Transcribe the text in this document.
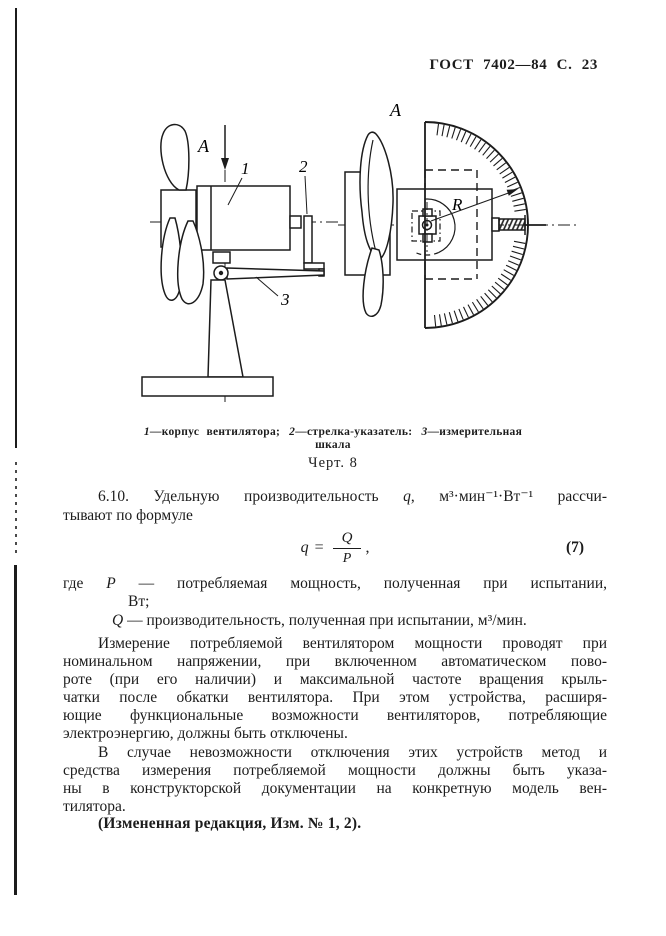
ГОСТ 7402—84 С. 23
A
1	2
3
A
R
1—корпус вентилятора; 2—стрелка-указатель: 3—измерительная
шкала
Черт. 8
6.10. Удельную производительность q, м³·мин⁻¹·Вт⁻¹ рассчи-
тывают по формуле
$q = \frac{Q}{P}$ ,	(7)
где P — потребляемая мощность, полученная при испытании,
Вт;
Q — производительность, полученная при испытании, м³/мин.
Измерение потребляемой вентилятором мощности проводят при
номинальном напряжении, при включенном автоматическом пово-
роте (при его наличии) и максимальной частоте вращения крыль-
чатки после обкатки вентилятора. При этом устройства, расширя-
ющие функциональные возможности вентиляторов, потребляющие
электроэнергию, должны быть отключены.
В случае невозможности отключения этих устройств метод и
средства измерения потребляемой мощности должны быть указа-
ны в конструкторской документации на конкретную модель вен-
тилятора.
(Измененная редакция, Изм. № 1, 2).
